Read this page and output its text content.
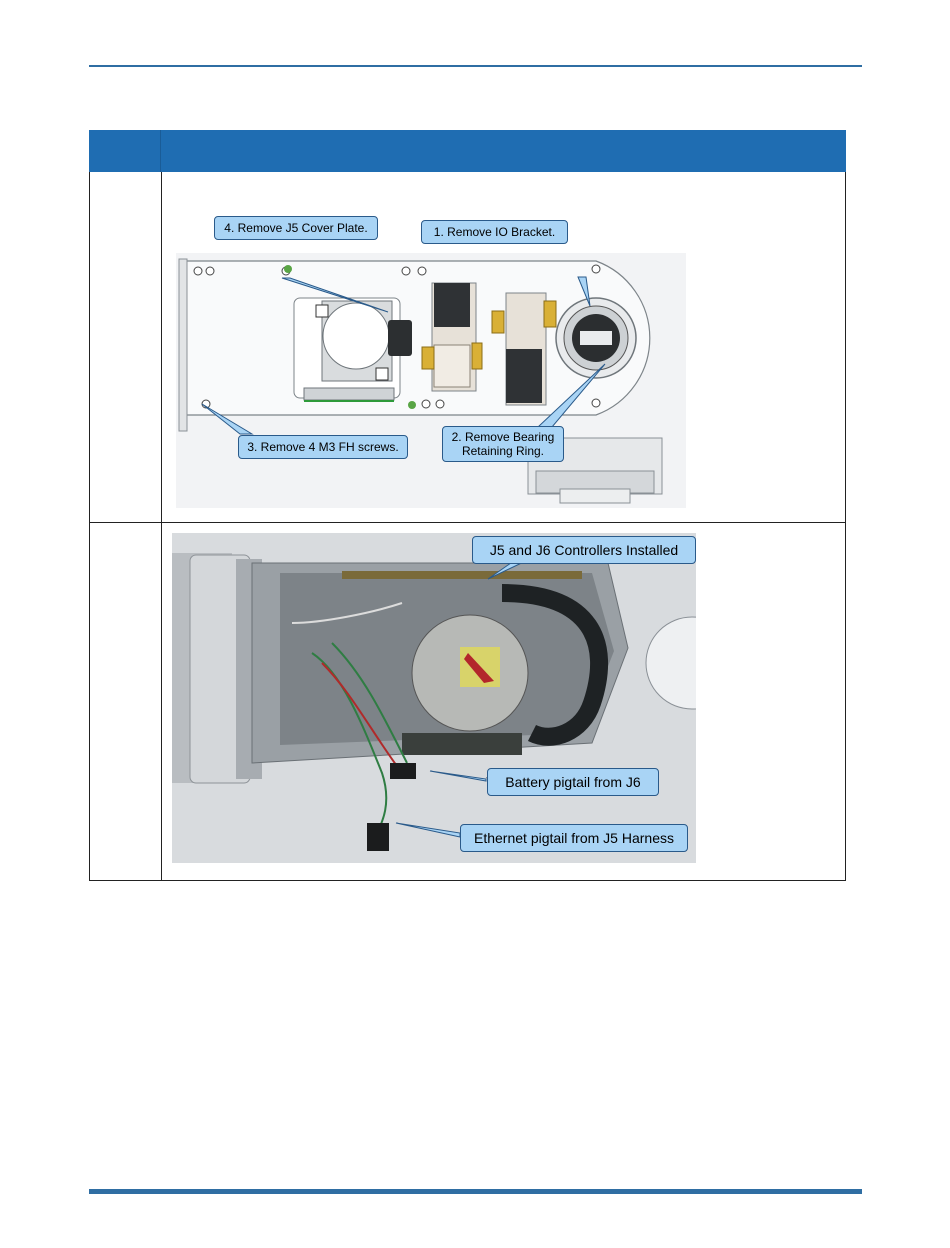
4. Remove J5 Cover Plate.	1. Remove IO Bracket.
3. Remove 4 M3 FH screws.
2. Remove Bearing
Retaining Ring.
J5 and J6 Controllers Installed
Battery pigtail from J6
Ethernet pigtail from J5 Harness
